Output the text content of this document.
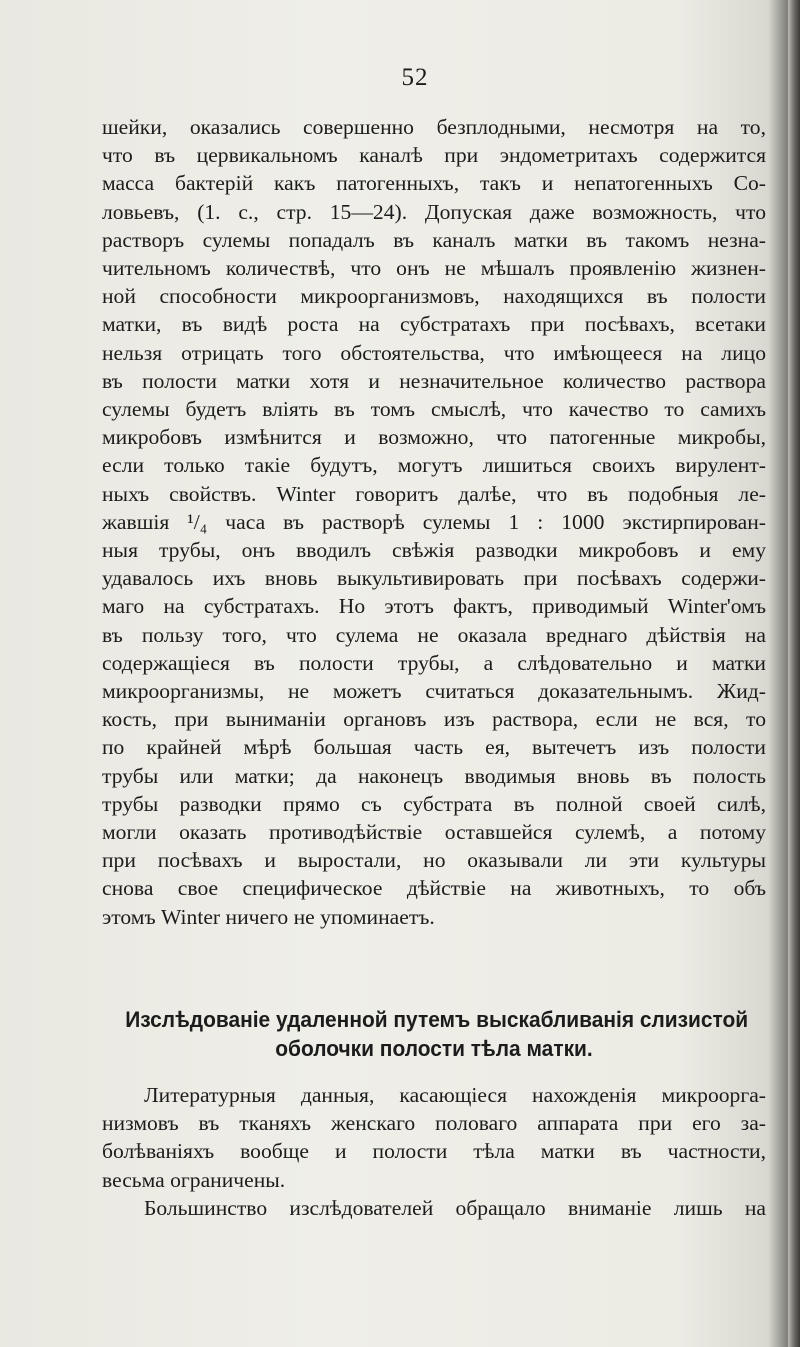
52
шейки, оказались совершенно безплодными, несмотря на то,
что въ цервикальномъ каналѣ при эндометритахъ содержится
масса бактерій какъ патогенныхъ, такъ и непатогенныхъ Со-
ловьевъ, (1. с., стр. 15—24). Допуская даже возможность, что
растворъ сулемы попадалъ въ каналъ матки въ такомъ незна-
чительномъ количествѣ, что онъ не мѣшалъ проявленію жизнен-
ной способности микроорганизмовъ, находящихся въ полости
матки, въ видѣ роста на субстратахъ при посѣвахъ, всетаки
нельзя отрицать того обстоятельства, что имѣющееся на лицо
въ полости матки хотя и незначительное количество раствора
сулемы будетъ вліять въ томъ смыслѣ, что качество то самихъ
микробовъ измѣнится и возможно, что патогенные микробы,
если только такіе будутъ, могутъ лишиться своихъ вирулент-
ныхъ свойствъ. Winter говоритъ далѣе, что въ подобныя ле-
жавшія ¹/₄ часа въ растворѣ сулемы 1 : 1000 экстирпирован-
ныя трубы, онъ вводилъ свѣжія разводки микробовъ и ему
удавалось ихъ вновь выкультивировать при посѣвахъ содержи-
маго на субстратахъ. Но этотъ фактъ, приводимый Winter'омъ
въ пользу того, что сулема не оказала вреднаго дѣйствія на
содержащіеся въ полости трубы, а слѣдовательно и матки
микроорганизмы, не можетъ считаться доказательнымъ. Жид-
кость, при выниманіи органовъ изъ раствора, если не вся, то
по крайней мѣрѣ большая часть ея, вытечетъ изъ полости
трубы или матки; да наконецъ вводимыя вновь въ полость
трубы разводки прямо съ субстрата въ полной своей силѣ,
могли оказать противодѣйствіе оставшейся сулемѣ, а потому
при посѣвахъ и выростали, но оказывали ли эти культуры
снова свое специфическое дѣйствіе на животныхъ, то объ
этомъ Winter ничего не упоминаетъ.
Изслѣдованіе удаленной путемъ выскабливанія слизистой
оболочки полости тѣла матки.
Литературныя данныя, касающіеся нахожденія микроорга-
низмовъ въ тканяхъ женскаго половаго аппарата при его за-
болѣваніяхъ вообще и полости тѣла матки въ частности,
весьма ограничены.
Большинство изслѣдователей обращало вниманіе лишь на
